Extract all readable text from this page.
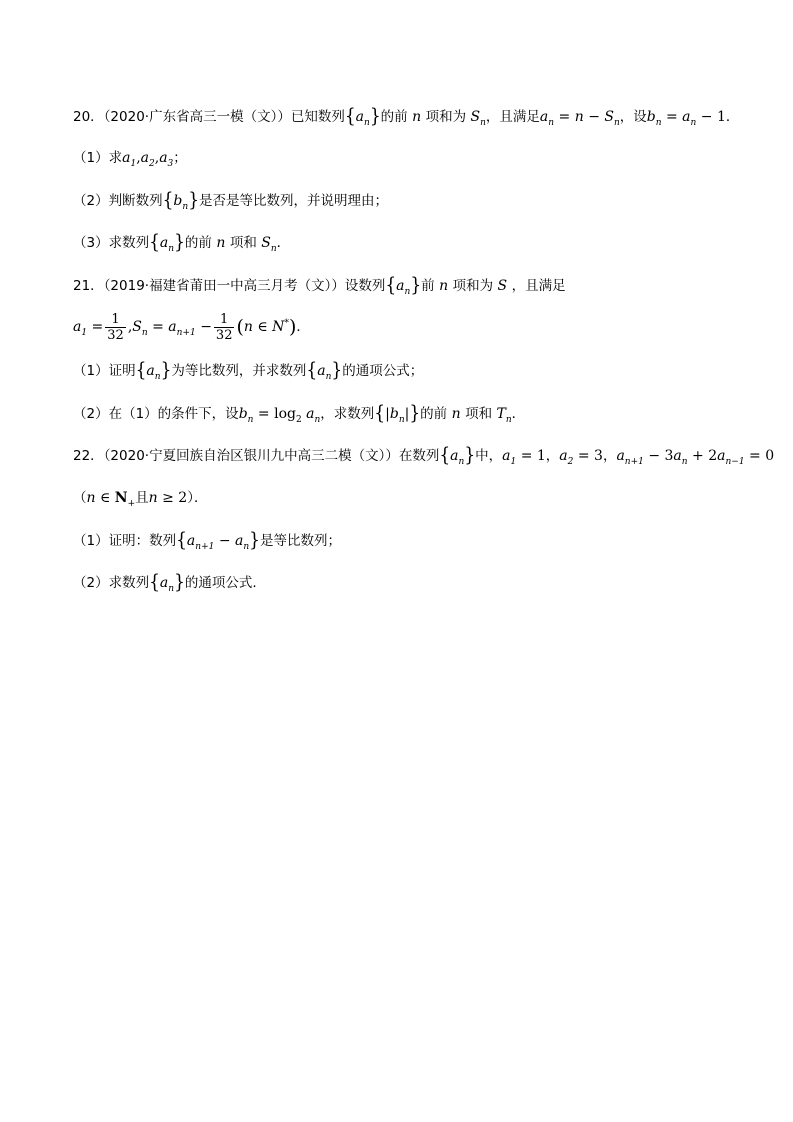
20．（2020·广东省高三一模（文））已知数列$\{a_n\}$的前 n 项和为 $S_n$，且满足$a_n = n - S_n$，设$b_n = a_n - 1$．
（1）求$a_1,a_2,a_3$；
（2）判断数列$\{b_n\}$是否是等比数列，并说明理由；
（3）求数列$\{a_n\}$的前 n 项和 $S_n$．
21．（2019·福建省莆田一中高三月考（文））设数列$\{a_n\}$前 n 项和为 S ，且满足
$a_1 = \frac{1}{32} ,S_n = a_{n+1} - \frac{1}{32} (n$ ∈ N*)．
（1）证明$\{a_n\}$为等比数列，并求数列$\{a_n\}$的通项公式；
（2）在（1）的条件下，设$b_n = \log_2 a_n$，求数列$\{|b_n|\}$的前 n 项和 $T_n$．
22．（2020·宁夏回族自治区银川九中高三二模（文））在数列$\{a_n\}$中，$a_1 = 1$，$a_2 = 3$，$a_{n+1} - 3a_n + 2a_{n-1} = 0$
（n ∈ $N_+$且n ≥ 2）．
（1）证明：数列$\{a_{n+1} - a_n\}$是等比数列；
（2）求数列$\{a_n\}$的通项公式.
